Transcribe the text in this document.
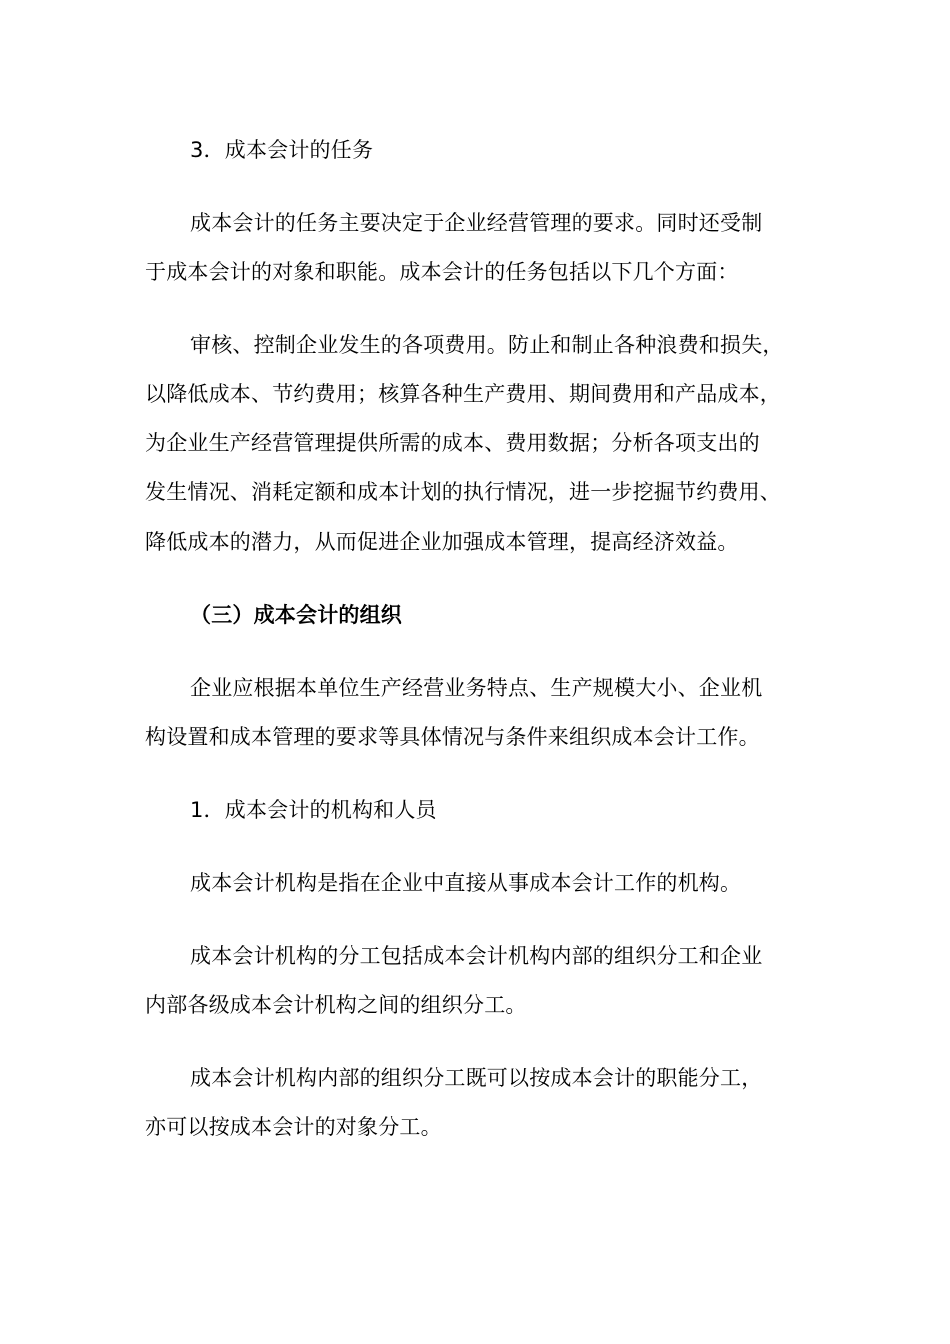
3．成本会计的任务
成本会计的任务主要决定于企业经营管理的要求。同时还受制
于成本会计的对象和职能。成本会计的任务包括以下几个方面：
审核、控制企业发生的各项费用。防止和制止各种浪费和损失，
以降低成本、节约费用；核算各种生产费用、期间费用和产品成本，
为企业生产经营管理提供所需的成本、费用数据；分析各项支出的
发生情况、消耗定额和成本计划的执行情况，进一步挖掘节约费用、
降低成本的潜力，从而促进企业加强成本管理，提高经济效益。
（三）成本会计的组织
企业应根据本单位生产经营业务特点、生产规模大小、企业机
构设置和成本管理的要求等具体情况与条件来组织成本会计工作。
1．成本会计的机构和人员
成本会计机构是指在企业中直接从事成本会计工作的机构。
成本会计机构的分工包括成本会计机构内部的组织分工和企业
内部各级成本会计机构之间的组织分工。
成本会计机构内部的组织分工既可以按成本会计的职能分工，
亦可以按成本会计的对象分工。
